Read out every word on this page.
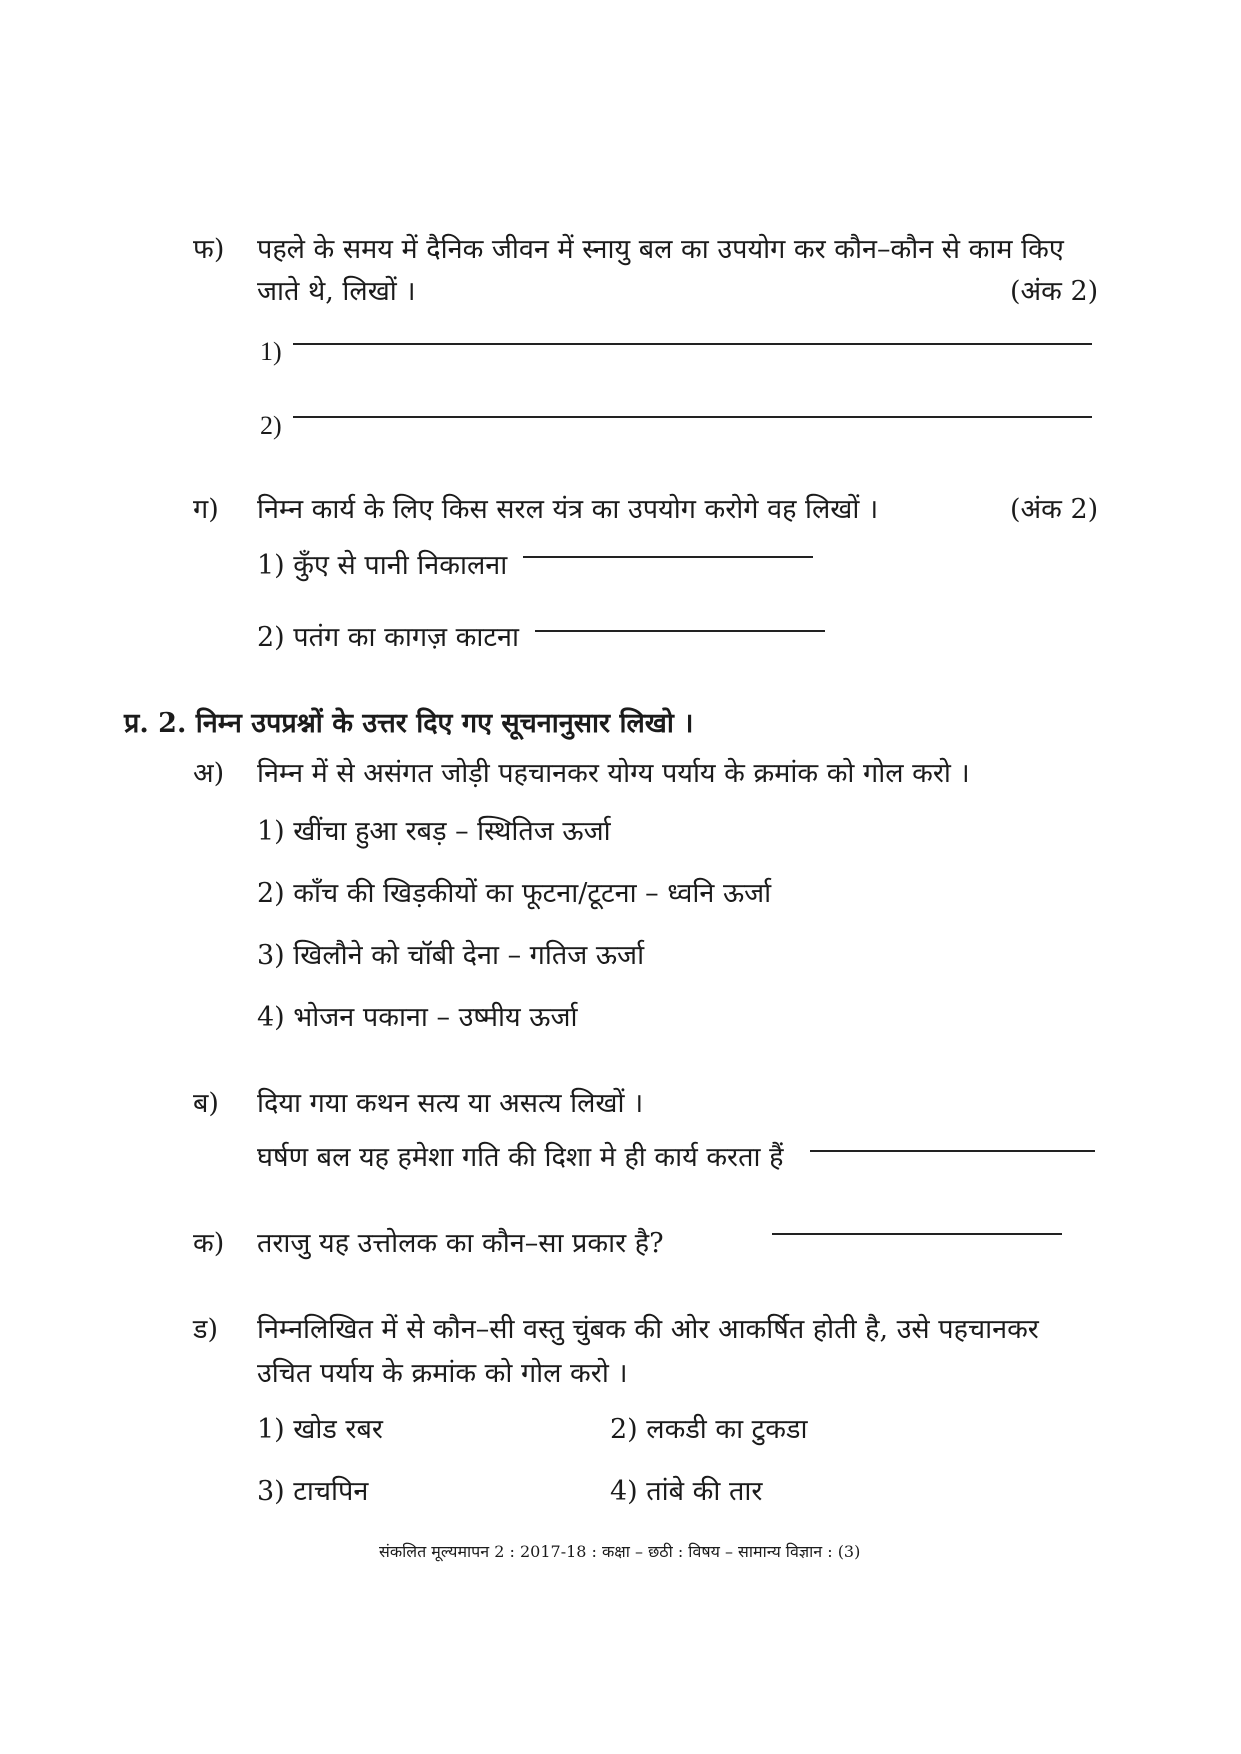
फ) पहले के समय में दैनिक जीवन में स्नायु बल का उपयोग कर कौन–कौन से काम किए
जाते थे, लिखों ।	(अंक 2)
1)
2)
ग) निम्न कार्य के लिए किस सरल यंत्र का उपयोग करोगे वह लिखों ।	(अंक 2)
1) कुँए से पानी निकालना
2) पतंग का कागज़ काटना
प्र. 2. निम्न उपप्रश्नों के उत्तर दिए गए सूचनानुसार लिखो ।
अ) निम्न में से असंगत जोड़ी पहचानकर योग्य पर्याय के क्रमांक को गोल करो ।
1) खींचा हुआ रबड़ – स्थितिज ऊर्जा
2) काँच की खिड़कीयों का फूटना/टूटना – ध्वनि ऊर्जा
3) खिलौने को चॉबी देना – गतिज ऊर्जा
4) भोजन पकाना – उष्मीय ऊर्जा
ब) दिया गया कथन सत्य या असत्य लिखों ।
घर्षण बल यह हमेशा गति की दिशा मे ही कार्य करता हैं
क) तराजु यह उत्तोलक का कौन–सा प्रकार है?
ड) निम्नलिखित में से कौन–सी वस्तु चुंबक की ओर आकर्षित होती है, उसे पहचानकर
उचित पर्याय के क्रमांक को गोल करो ।
1) खोड रबर	2) लकडी का टुकडा
3) टाचपिन	4) तांबे की तार
संकलित मूल्यमापन 2 : 2017-18 : कक्षा – छठी : विषय – सामान्य विज्ञान : (3)
